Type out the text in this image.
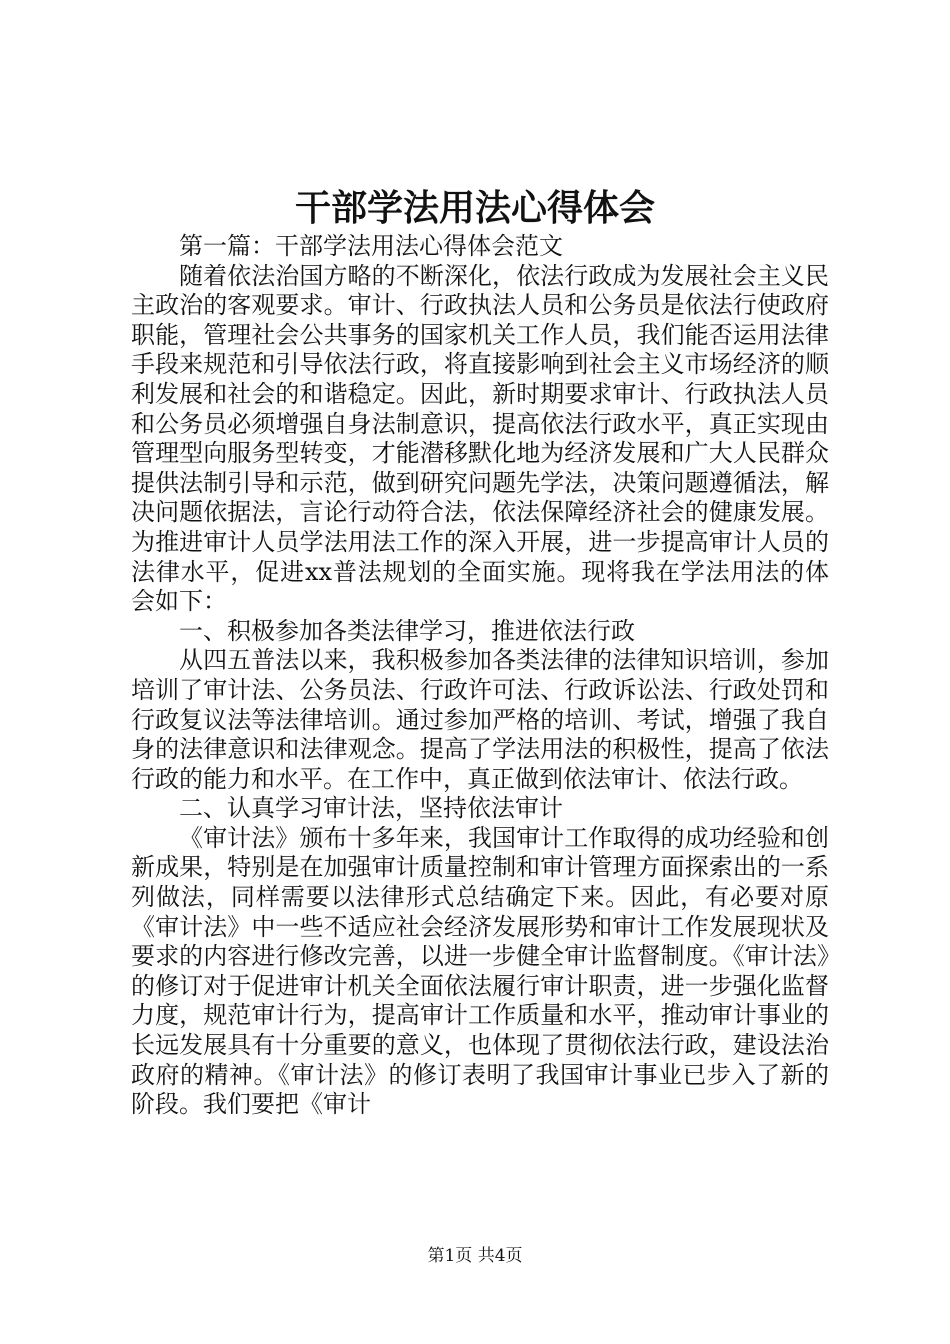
干部学法用法心得体会

第一篇：干部学法用法心得体会范文

随着依法治国方略的不断深化，依法行政成为发展社会主义民主政治的客观要求。审计、行政执法人员和公务员是依法行使政府职能，管理社会公共事务的国家机关工作人员，我们能否运用法律手段来规范和引导依法行政，将直接影响到社会主义市场经济的顺利发展和社会的和谐稳定。因此，新时期要求审计、行政执法人员和公务员必须增强自身法制意识，提高依法行政水平，真正实现由管理型向服务型转变，才能潜移默化地为经济发展和广大人民群众提供法制引导和示范，做到研究问题先学法，决策问题遵循法，解决问题依据法，言论行动符合法，依法保障经济社会的健康发展。为推进审计人员学法用法工作的深入开展，进一步提高审计人员的法律水平，促进xx普法规划的全面实施。现将我在学法用法的体会如下：

一、积极参加各类法律学习，推进依法行政

从四五普法以来，我积极参加各类法律的法律知识培训，参加培训了审计法、公务员法、行政许可法、行政诉讼法、行政处罚和行政复议法等法律培训。通过参加严格的培训、考试，增强了我自身的法律意识和法律观念。提高了学法用法的积极性，提高了依法行政的能力和水平。在工作中，真正做到依法审计、依法行政。

二、认真学习审计法，坚持依法审计

《审计法》颁布十多年来，我国审计工作取得的成功经验和创新成果，特别是在加强审计质量控制和审计管理方面探索出的一系列做法，同样需要以法律形式总结确定下来。因此，有必要对原《审计法》中一些不适应社会经济发展形势和审计工作发展现状及要求的内容进行修改完善，以进一步健全审计监督制度。《审计法》的修订对于促进审计机关全面依法履行审计职责，进一步强化监督力度，规范审计行为，提高审计工作质量和水平，推动审计事业的长远发展具有十分重要的意义，也体现了贯彻依法行政，建设法治政府的精神。《审计法》的修订表明了我国审计事业已步入了新的阶段。我们要把《审计

第1页 共4页
